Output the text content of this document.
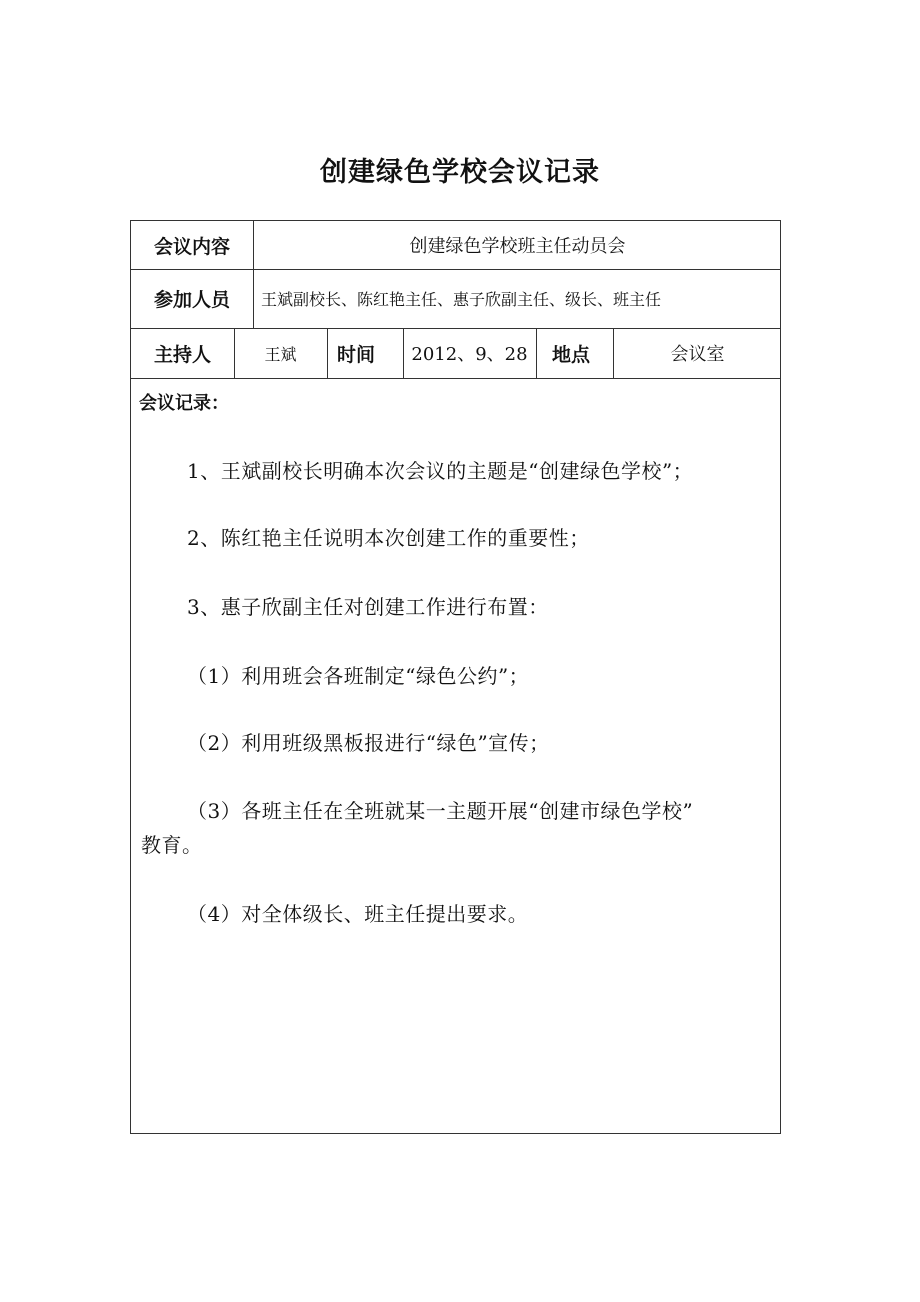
创建绿色学校会议记录
会议内容	创建绿色学校班主任动员会
参加人员	王斌副校长、陈红艳主任、惠子欣副主任、级长、班主任
主持人	王斌	时间	2012、9、28	地点	会议室
会议记录：
1、王斌副校长明确本次会议的主题是“创建绿色学校”；
2、陈红艳主任说明本次创建工作的重要性；
3、惠子欣副主任对创建工作进行布置：
（1）利用班会各班制定“绿色公约”；
（2）利用班级黑板报进行“绿色”宣传；
（3）各班主任在全班就某一主题开展“创建市绿色学校”
教育。
（4）对全体级长、班主任提出要求。
